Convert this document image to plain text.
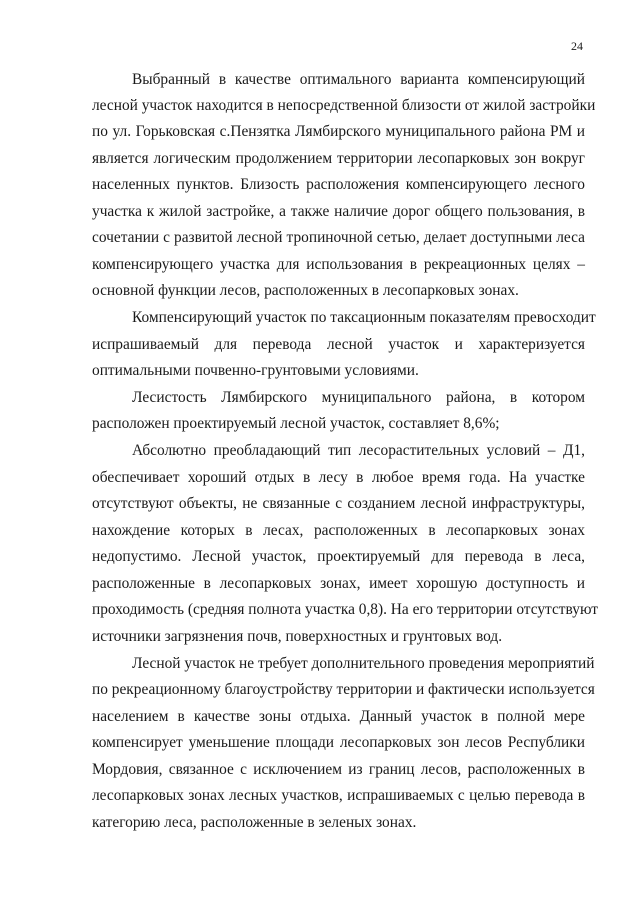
24
Выбранный в качестве оптимального варианта компенсирующий
лесной участок находится в непосредственной близости от жилой застройки
по ул. Горьковская с.Пензятка Лямбирского муниципального района РМ и
является логическим продолжением территории лесопарковых зон вокруг
населенных пунктов. Близость расположения компенсирующего лесного
участка к жилой застройке, а также наличие дорог общего пользования, в
сочетании с развитой лесной тропиночной сетью, делает доступными леса
компенсирующего участка для использования в рекреационных целях –
основной функции лесов, расположенных в лесопарковых зонах.
Компенсирующий участок по таксационным показателям превосходит
испрашиваемый для перевода лесной участок и характеризуется
оптимальными почвенно-грунтовыми условиями.
Лесистость Лямбирского муниципального района, в котором
расположен проектируемый лесной участок, составляет 8,6%;
Абсолютно преобладающий тип лесорастительных условий – Д1,
обеспечивает хороший отдых в лесу в любое время года. На участке
отсутствуют объекты, не связанные с созданием лесной инфраструктуры,
нахождение которых в лесах, расположенных в лесопарковых зонах
недопустимо. Лесной участок, проектируемый для перевода в леса,
расположенные в лесопарковых зонах, имеет хорошую доступность и
проходимость (средняя полнота участка 0,8). На его территории отсутствуют
источники загрязнения почв, поверхностных и грунтовых вод.
Лесной участок не требует дополнительного проведения мероприятий
по рекреационному благоустройству территории и фактически используется
населением в качестве зоны отдыха. Данный участок в полной мере
компенсирует уменьшение площади лесопарковых зон лесов Республики
Мордовия, связанное с исключением из границ лесов, расположенных в
лесопарковых зонах лесных участков, испрашиваемых с целью перевода в
категорию леса, расположенные в зеленых зонах.
